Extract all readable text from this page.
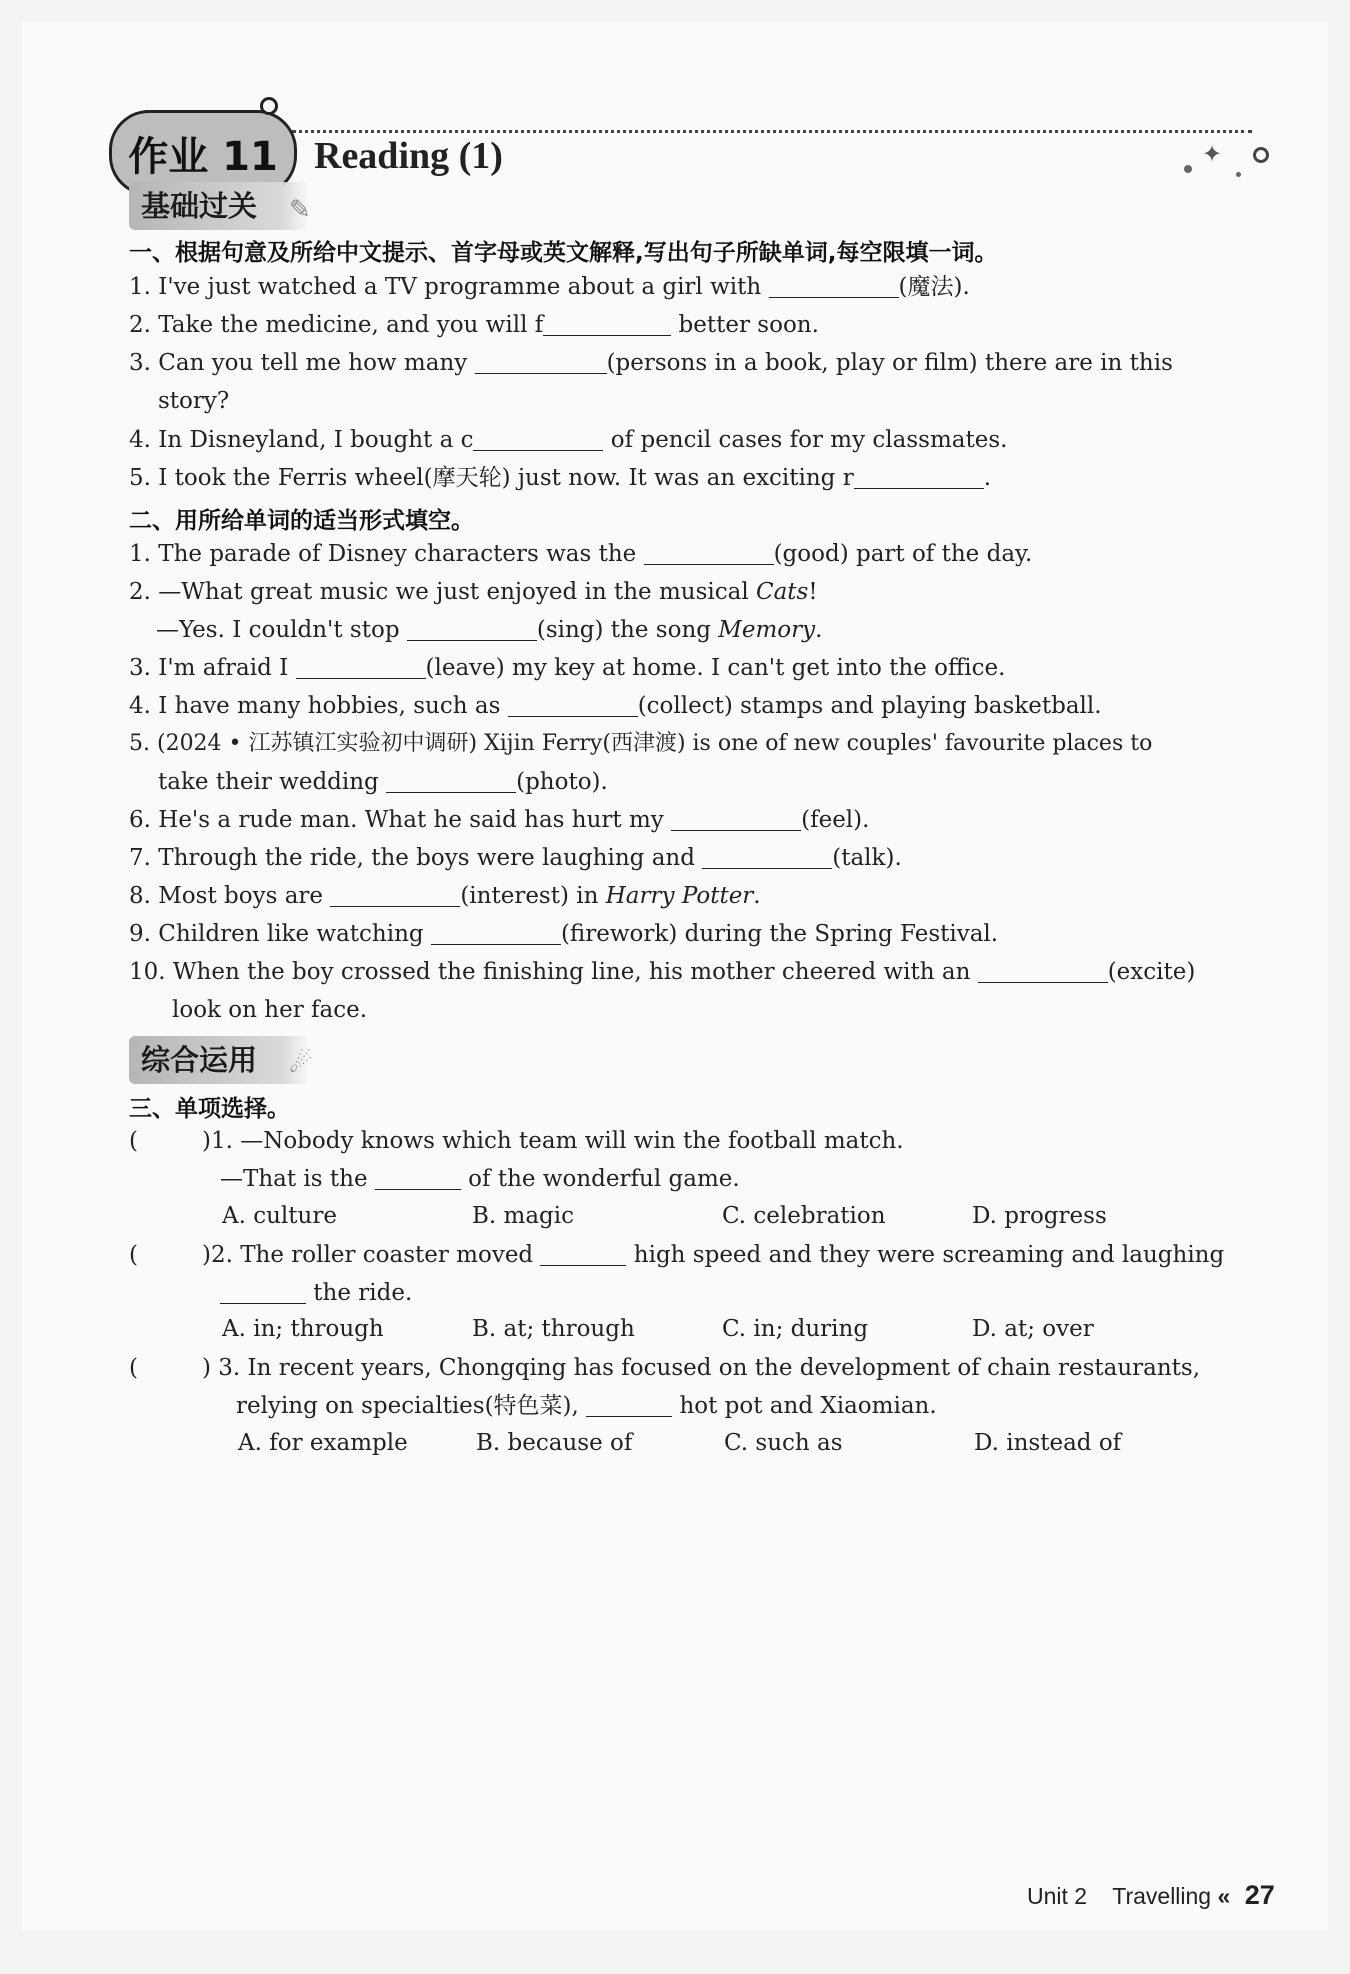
作业 11 Reading (1)	✦
基础过关 ✎
一、根据句意及所给中文提示、首字母或英文解释,写出句子所缺单词,每空限填一词。
1. I've just watched a TV programme about a girl with	(魔法).
2. Take the medicine, and you will f	better soon.
3. Can you tell me how many	(persons in a book, play or film) there are in this
story?
4. In Disneyland, I bought a c	of pencil cases for my classmates.
5. I took the Ferris wheel(摩天轮) just now. It was an exciting r	.
二、用所给单词的适当形式填空。
1. The parade of Disney characters was the	(good) part of the day.
2. —What great music we just enjoyed in the musical Cats!
—Yes. I couldn't stop	(sing) the song Memory.
3. I'm afraid I	(leave) my key at home. I can't get into the office.
4. I have many hobbies, such as	(collect) stamps and playing basketball.
5. (2024 • 江苏镇江实验初中调研) Xijin Ferry(西津渡) is one of new couples' favourite places to
take their wedding	(photo).
6. He's a rude man. What he said has hurt my	(feel).
7. Through the ride, the boys were laughing and	(talk).
8. Most boys are	(interest) in Harry Potter.
9. Children like watching	(firework) during the Spring Festival.
10. When the boy crossed the finishing line, his mother cheered with an	(excite)
look on her face.
综合运用 ☄
三、单项选择。
(	)1. —Nobody knows which team will win the football match.
—That is the	of the wonderful game.
A. culture	B. magic	C. celebration	D. progress
(	)2. The roller coaster moved	high speed and they were screaming and laughing
the ride.
A. in; through	B. at; through	C. in; during	D. at; over
(	) 3. In recent years, Chongqing has focused on the development of chain restaurants,
relying on specialties(特色菜),	hot pot and Xiaomian.
A. for example	B. because of	C. such as	D. instead of
Unit 2 Travelling « 27
